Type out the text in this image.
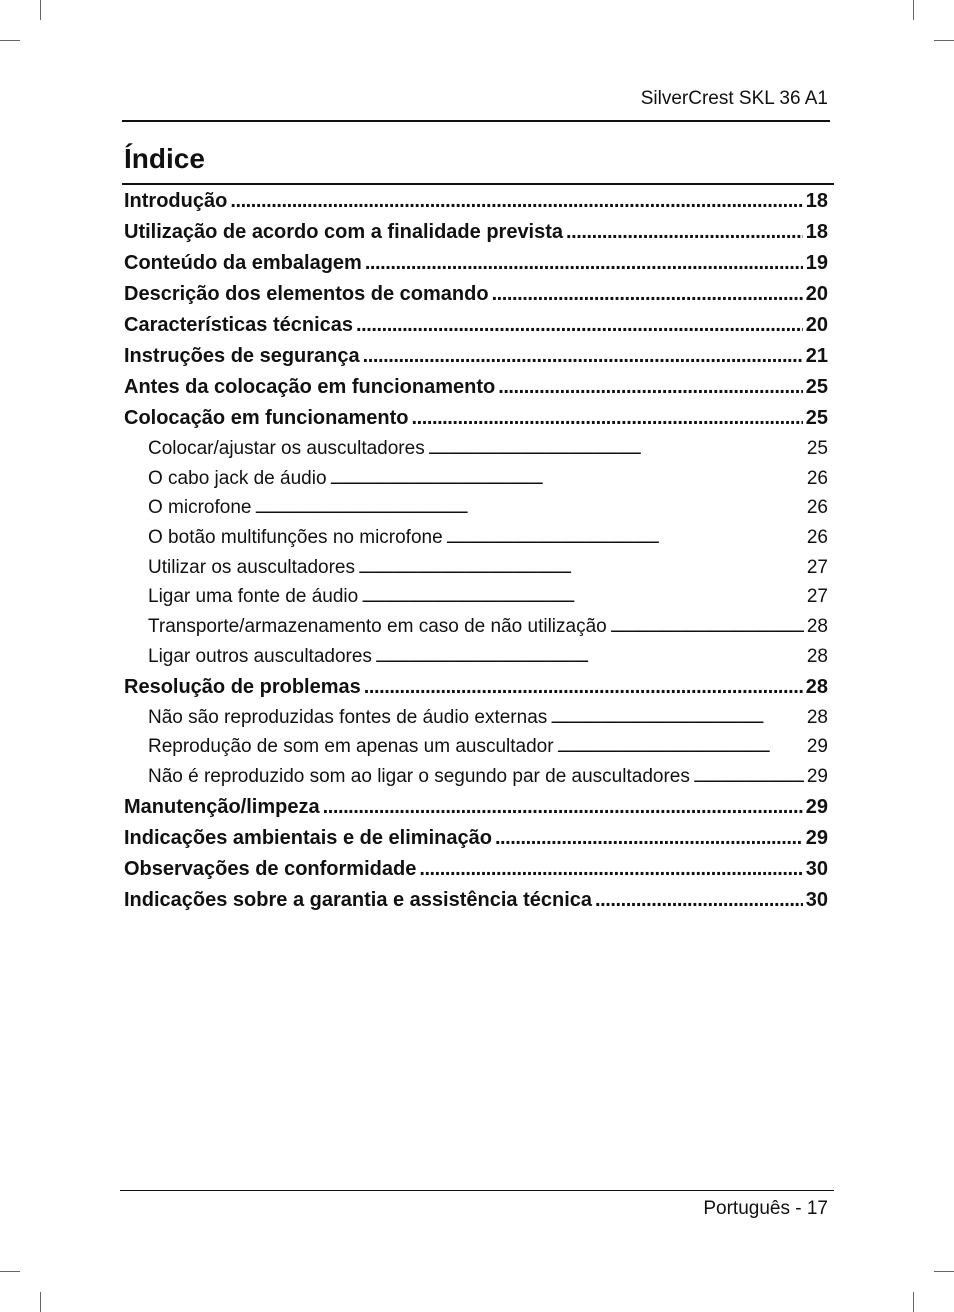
SilverCrest SKL 36 A1
Índice
Introdução . . .	18
Utilização de acordo com a finalidade prevista . . .	18
Conteúdo da embalagem . . .	19
Descrição dos elementos de comando . . .	20
Características técnicas . . .	20
Instruções de segurança . . .	21
Antes da colocação em funcionamento . . .	25
Colocação em funcionamento . . .	25
Colocar/ajustar os auscultadores . . .	25
O cabo jack de áudio . . .	26
O microfone . . .	26
O botão multifunções no microfone . . .	26
Utilizar os auscultadores . . .	27
Ligar uma fonte de áudio . . .	27
Transporte/armazenamento em caso de não utilização . . .	28
Ligar outros auscultadores . . .	28
Resolução de problemas . . .	28
Não são reproduzidas fontes de áudio externas . . .	28
Reprodução de som em apenas um auscultador . . .	29
Não é reproduzido som ao ligar o segundo par de auscultadores . . .	29
Manutenção/limpeza . . .	29
Indicações ambientais e de eliminação . . .	29
Observações de conformidade . . .	30
Indicações sobre a garantia e assistência técnica . . .	30
Português - 17
